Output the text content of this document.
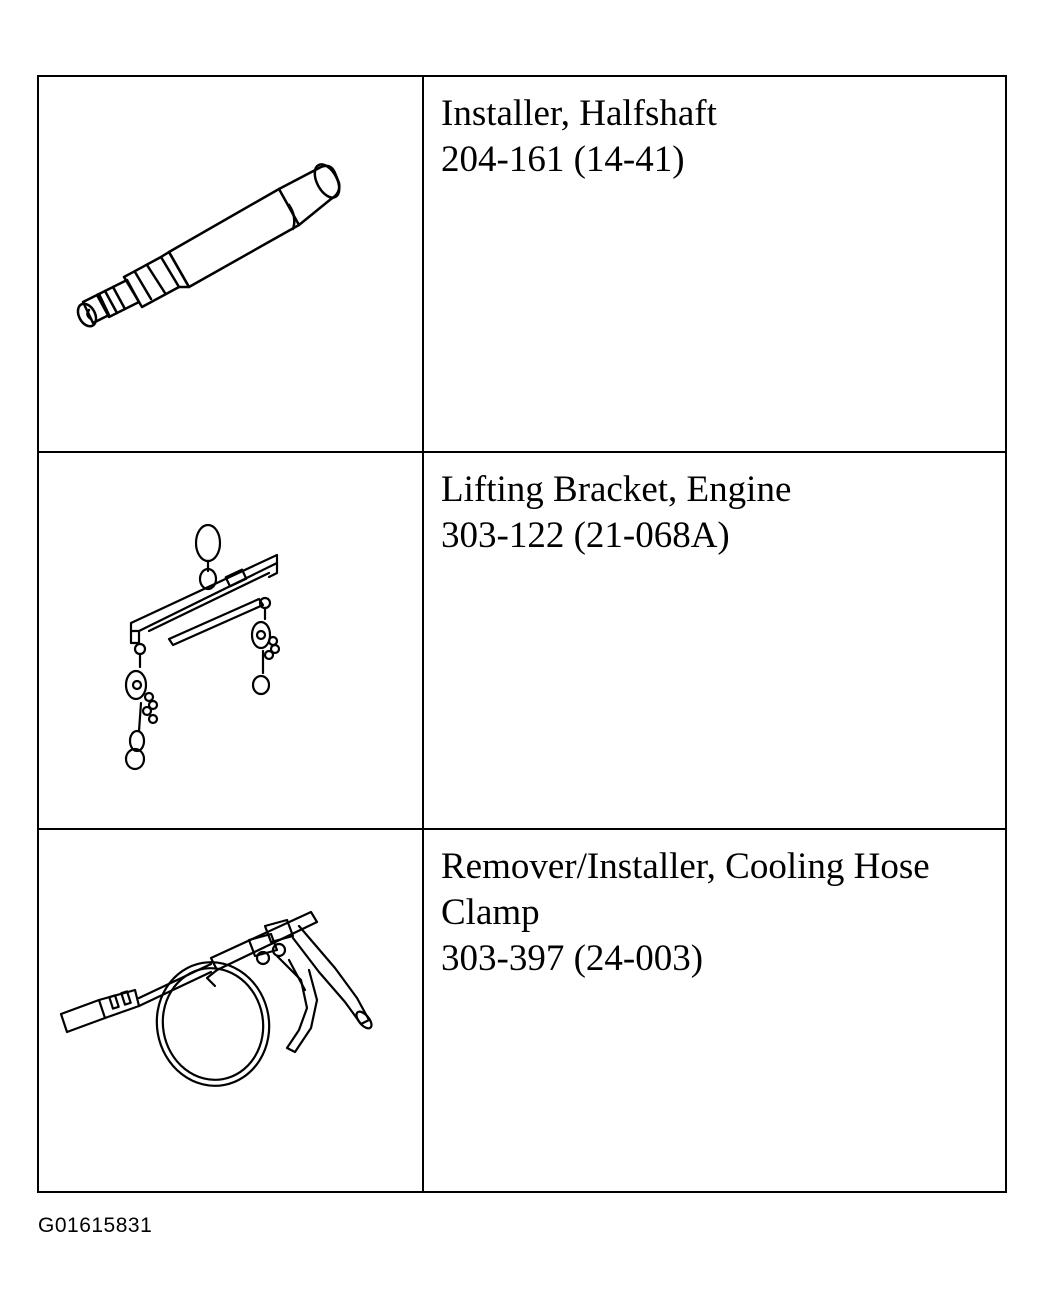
Installer, Halfshaft
204-161 (14-41)
Lifting Bracket, Engine
303-122 (21-068A)
Remover/Installer, Cooling Hose Clamp
303-397 (24-003)
G01615831
